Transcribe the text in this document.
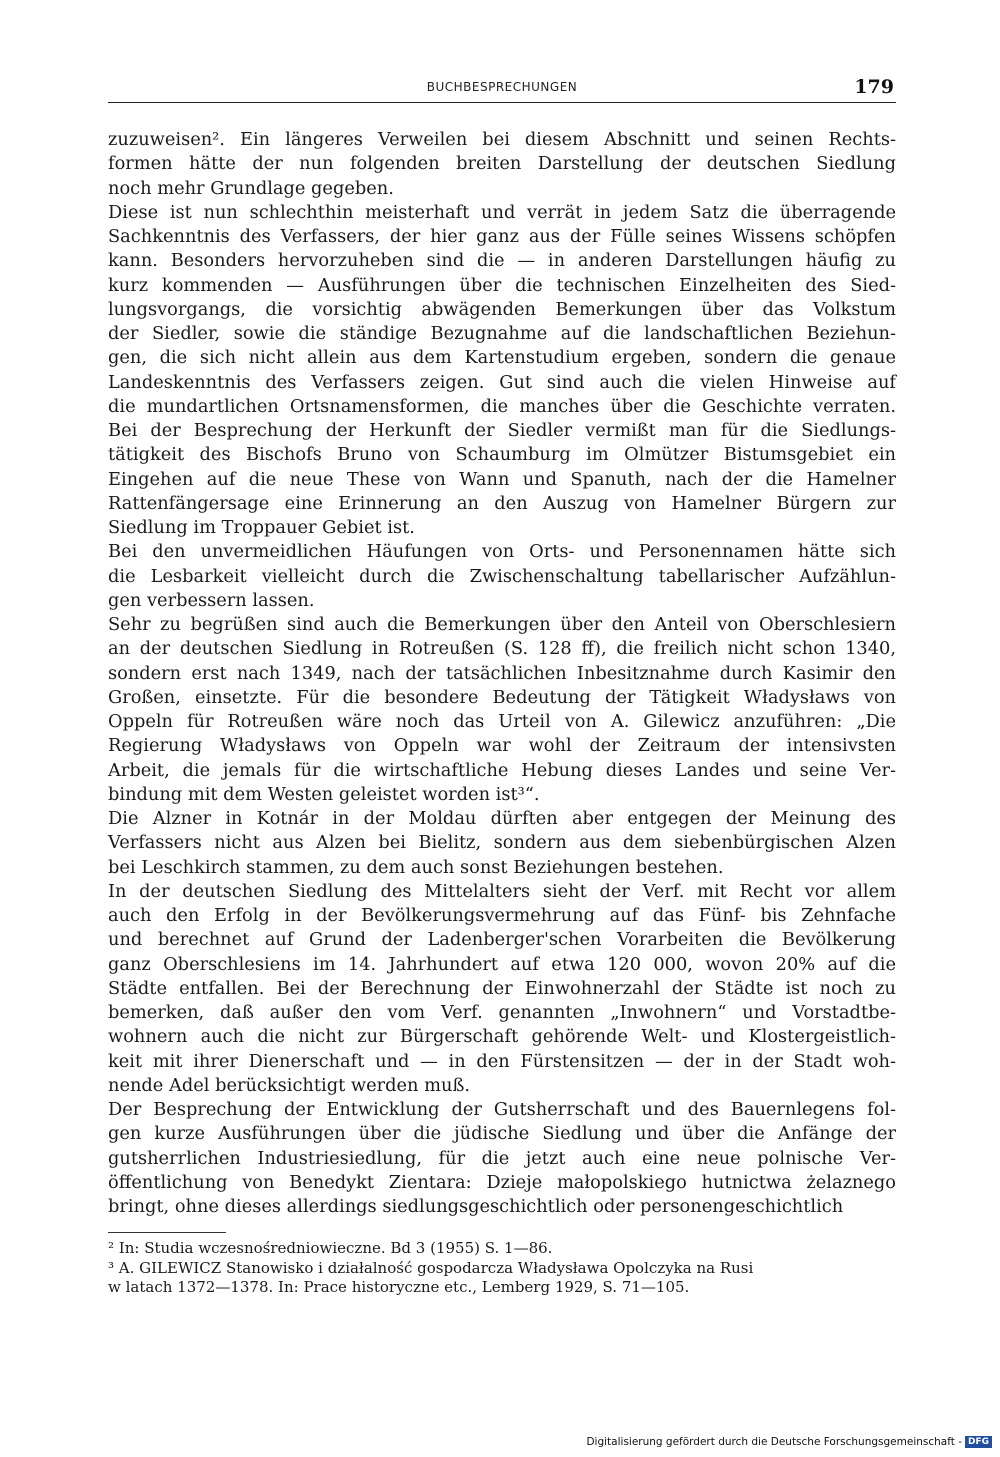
BUCHBESPRECHUNGEN	179
zuzuweisen². Ein längeres Verweilen bei diesem Abschnitt und seinen Rechts-
formen hätte der nun folgenden breiten Darstellung der deutschen Siedlung
noch mehr Grundlage gegeben.
Diese ist nun schlechthin meisterhaft und verrät in jedem Satz die überragende
Sachkenntnis des Verfassers, der hier ganz aus der Fülle seines Wissens schöpfen
kann. Besonders hervorzuheben sind die — in anderen Darstellungen häufig zu
kurz kommenden — Ausführungen über die technischen Einzelheiten des Sied-
lungsvorgangs, die vorsichtig abwägenden Bemerkungen über das Volkstum
der Siedler, sowie die ständige Bezugnahme auf die landschaftlichen Beziehun-
gen, die sich nicht allein aus dem Kartenstudium ergeben, sondern die genaue
Landeskenntnis des Verfassers zeigen. Gut sind auch die vielen Hinweise auf
die mundartlichen Ortsnamensformen, die manches über die Geschichte verraten.
Bei der Besprechung der Herkunft der Siedler vermißt man für die Siedlungs-
tätigkeit des Bischofs Bruno von Schaumburg im Olmützer Bistumsgebiet ein
Eingehen auf die neue These von Wann und Spanuth, nach der die Hamelner
Rattenfängersage eine Erinnerung an den Auszug von Hamelner Bürgern zur
Siedlung im Troppauer Gebiet ist.
Bei den unvermeidlichen Häufungen von Orts- und Personennamen hätte sich
die Lesbarkeit vielleicht durch die Zwischenschaltung tabellarischer Aufzählun-
gen verbessern lassen.
Sehr zu begrüßen sind auch die Bemerkungen über den Anteil von Oberschlesiern
an der deutschen Siedlung in Rotreußen (S. 128 ff), die freilich nicht schon 1340,
sondern erst nach 1349, nach der tatsächlichen Inbesitznahme durch Kasimir den
Großen, einsetzte. Für die besondere Bedeutung der Tätigkeit Władysławs von
Oppeln für Rotreußen wäre noch das Urteil von A. Gilewicz anzuführen: „Die
Regierung Władysławs von Oppeln war wohl der Zeitraum der intensivsten
Arbeit, die jemals für die wirtschaftliche Hebung dieses Landes und seine Ver-
bindung mit dem Westen geleistet worden ist³“.
Die Alzner in Kotnár in der Moldau dürften aber entgegen der Meinung des
Verfassers nicht aus Alzen bei Bielitz, sondern aus dem siebenbürgischen Alzen
bei Leschkirch stammen, zu dem auch sonst Beziehungen bestehen.
In der deutschen Siedlung des Mittelalters sieht der Verf. mit Recht vor allem
auch den Erfolg in der Bevölkerungsvermehrung auf das Fünf- bis Zehnfache
und berechnet auf Grund der Ladenberger'schen Vorarbeiten die Bevölkerung
ganz Oberschlesiens im 14. Jahrhundert auf etwa 120 000, wovon 20% auf die
Städte entfallen. Bei der Berechnung der Einwohnerzahl der Städte ist noch zu
bemerken, daß außer den vom Verf. genannten „Inwohnern“ und Vorstadtbe-
wohnern auch die nicht zur Bürgerschaft gehörende Welt- und Klostergeistlich-
keit mit ihrer Dienerschaft und — in den Fürstensitzen — der in der Stadt woh-
nende Adel berücksichtigt werden muß.
Der Besprechung der Entwicklung der Gutsherrschaft und des Bauernlegens fol-
gen kurze Ausführungen über die jüdische Siedlung und über die Anfänge der
gutsherrlichen Industriesiedlung, für die jetzt auch eine neue polnische Ver-
öffentlichung von Benedykt Zientara: Dzieje małopolskiego hutnictwa żelaznego
bringt, ohne dieses allerdings siedlungsgeschichtlich oder personengeschichtlich
² In: Studia wczesnośredniowieczne. Bd 3 (1955) S. 1—86.
³ A. GILEWICZ Stanowisko i działalność gospodarcza Władysława Opolczyka na Rusi
w latach 1372—1378. In: Prace historyczne etc., Lemberg 1929, S. 71—105.
Digitalisierung gefördert durch die Deutsche Forschungsgemeinschaft - DFG
